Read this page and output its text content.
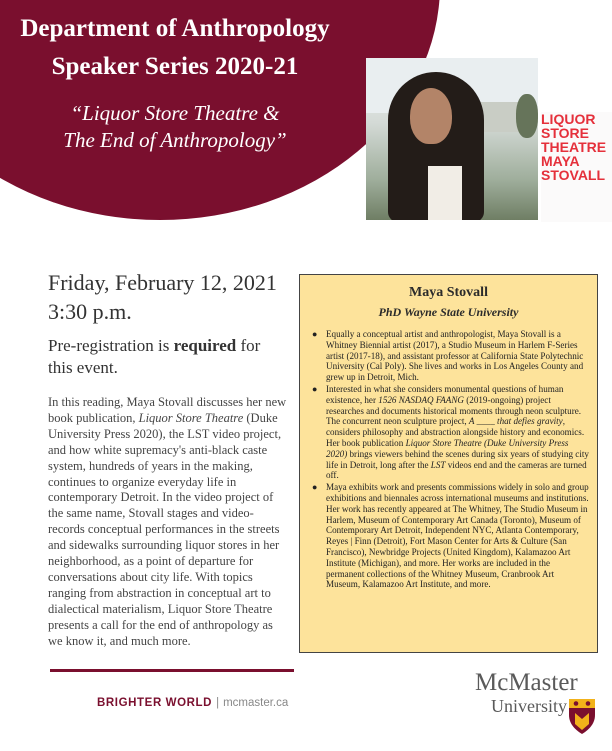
Department of Anthropology
Speaker Series 2020-21
“Liquor Store Theatre &
The End of Anthropology”
LIQUOR
STORE
THEATRE
MAYA
STOVALL
Friday, February 12, 2021
3:30 p.m.
Pre-registration is required for this event.
In this reading, Maya Stovall discusses her new book publication, Liquor Store Theatre (Duke University Press 2020), the LST video project, and how white supremacy's anti-black caste system, hundreds of years in the making, continues to organize everyday life in contemporary Detroit. In the video project of the same name, Stovall stages and video-records conceptual performances in the streets and sidewalks surrounding liquor stores in her neighborhood, as a point of departure for conversations about city life. With topics ranging from abstraction in conceptual art to dialectical materialism, Liquor Store Theatre presents a call for the end of anthropology as we know it, and much more.
BRIGHTER WORLD | mcmaster.ca
Maya Stovall
PhD Wayne State University
● Equally a conceptual artist and anthropologist, Maya Stovall is a Whitney Biennial artist (2017), a Studio Museum in Harlem F-Series artist (2017-18), and assistant professor at California State Polytechnic University (Cal Poly). She lives and works in Los Angeles County and grew up in Detroit, Mich.
● Interested in what she considers monumental questions of human existence, her 1526 NASDAQ FAANG (2019-ongoing) project researches and documents historical moments through neon sculpture. The concurrent neon sculpture project, A ____ that defies gravity, considers philosophy and abstraction alongside history and economics. Her book publication Liquor Store Theatre (Duke University Press 2020) brings viewers behind the scenes during six years of studying city life in Detroit, long after the LST videos end and the cameras are turned off.
● Maya exhibits work and presents commissions widely in solo and group exhibitions and biennales across international museums and institutions. Her work has recently appeared at The Whitney, The Studio Museum in Harlem, Museum of Contemporary Art Canada (Toronto), Museum of Contemporary Art Detroit, Independent NYC, Atlanta Contemporary, Reyes | Finn (Detroit), Fort Mason Center for Arts & Culture (San Francisco), Newbridge Projects (United Kingdom), Kalamazoo Art Institute (Michigan), and more. Her works are included in the permanent collections of the Whitney Museum, Cranbrook Art Museum, Kalamazoo Art Institute, and more.
McMaster
University
